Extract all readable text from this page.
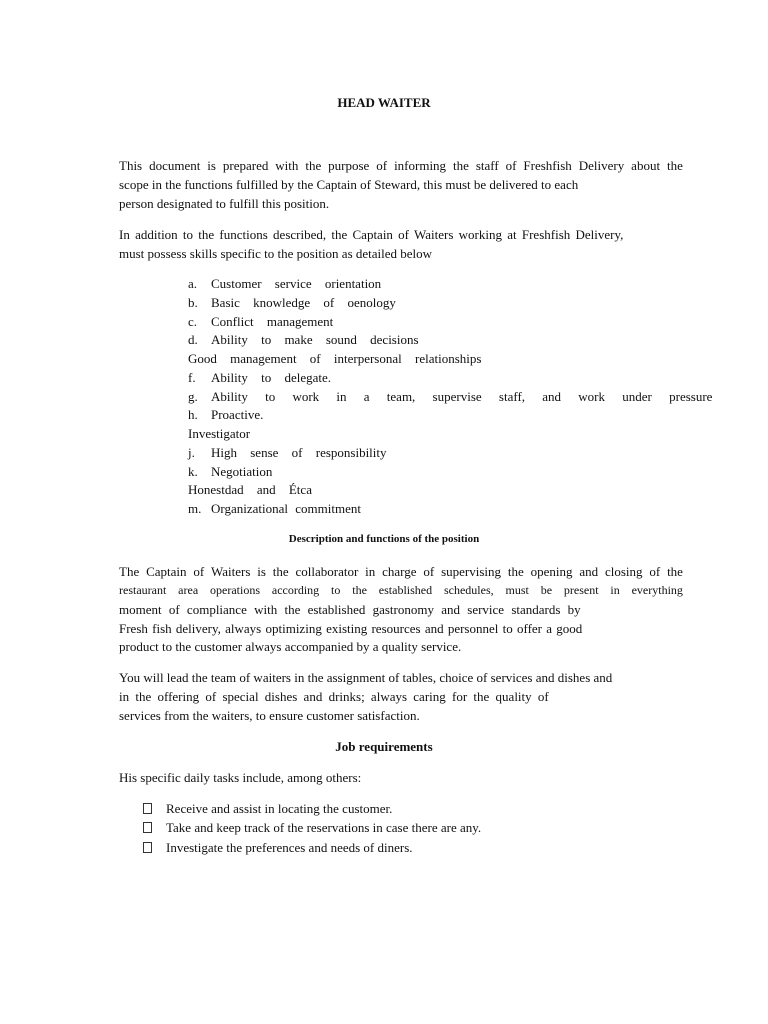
HEAD WAITER
This document is prepared with the purpose of informing the staff of Freshfish Delivery about the
scope in the functions fulfilled by the Captain of Steward, this must be delivered to each
person designated to fulfill this position.
In addition to the functions described, the Captain of Waiters working at Freshfish Delivery,
must possess skills specific to the position as detailed below
a. Customer service orientation
b. Basic knowledge of oenology
c. Conflict management
d. Ability to make sound decisions
Good management of interpersonal relationships
f. Ability to delegate.
g. Ability to work in a team, supervise staff, and work under pressure
h. Proactive.
Investigator
j. High sense of responsibility
k. Negotiation
Honestdad and Étca
m. Organizational commitment
Description and functions of the position
The Captain of Waiters is the collaborator in charge of supervising the opening and closing of the
restaurant area operations according to the established schedules, must be present in everything
moment of compliance with the established gastronomy and service standards by
Fresh fish delivery, always optimizing existing resources and personnel to offer a good
product to the customer always accompanied by a quality service.
You will lead the team of waiters in the assignment of tables, choice of services and dishes and
in the offering of special dishes and drinks; always caring for the quality of
services from the waiters, to ensure customer satisfaction.
Job requirements
His specific daily tasks include, among others:
Receive and assist in locating the customer.
Take and keep track of the reservations in case there are any.
Investigate the preferences and needs of diners.
